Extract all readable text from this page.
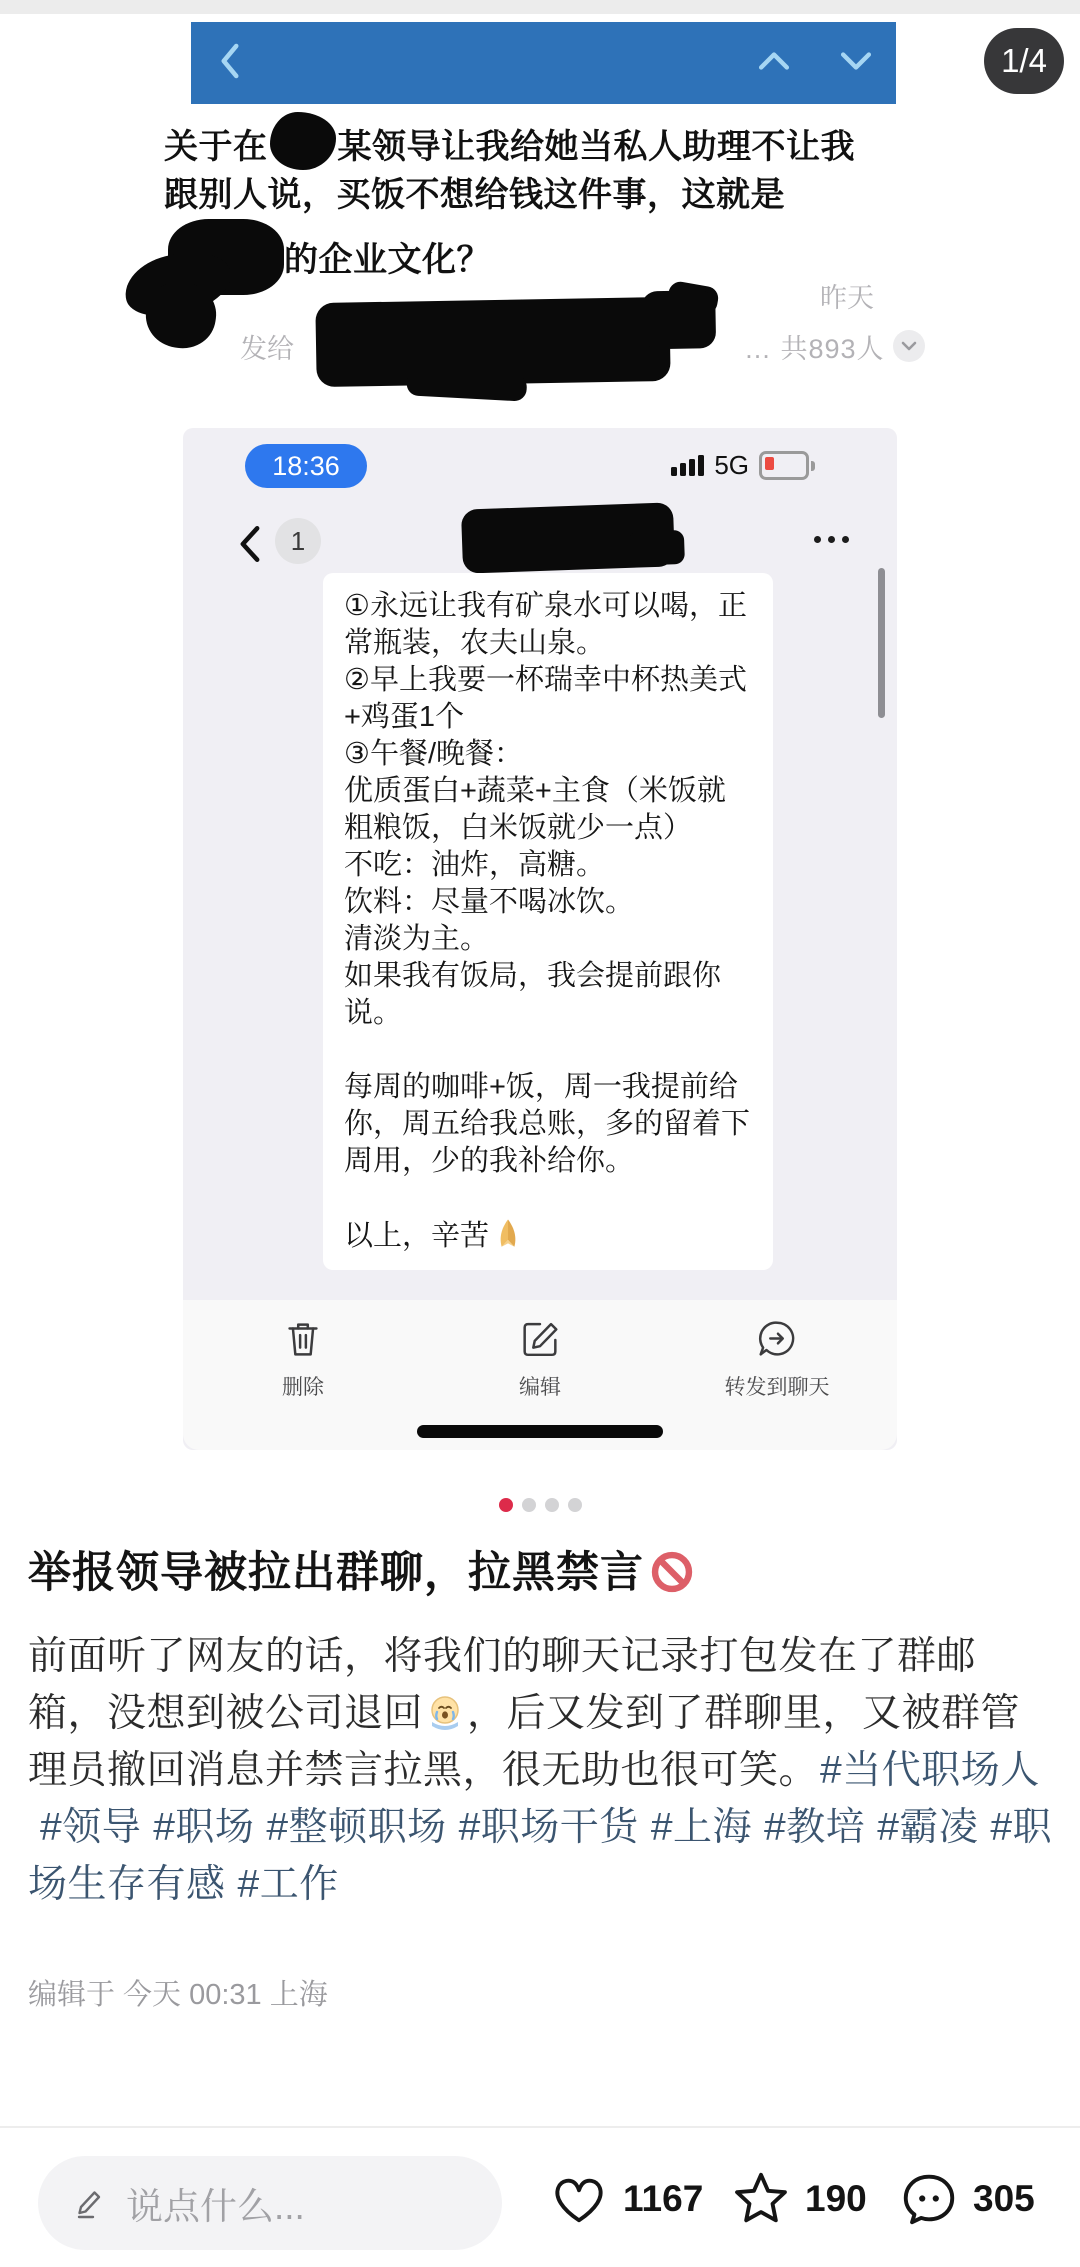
1/4
关于在 某领导让我给她当私人助理不让我跟别人说，买饭不想给钱这件事，这就是的企业文化？
昨天
发给	… 共893人
18:36	5G
1
①永远让我有矿泉水可以喝，正
常瓶装，农夫山泉。
②早上我要一杯瑞幸中杯热美式
+鸡蛋1个
③午餐/晚餐：
优质蛋白+蔬菜+主食（米饭就
粗粮饭，白米饭就少一点）
不吃：油炸，高糖。
饮料：尽量不喝冰饮。
清淡为主。
如果我有饭局，我会提前跟你
说。
每周的咖啡+饭，周一我提前给
你，周五给我总账，多的留着下
周用，少的我补给你。
以上，辛苦
删除	编辑	转发到聊天
举报领导被拉出群聊，拉黑禁言
前面听了网友的话，将我们的聊天记录打包发在了群邮箱，没想到被公司退回 ，后又发到了群聊里，又被群管理员撤回消息并禁言拉黑，很无助也很可笑。#当代职场人#领导 #职场 #整顿职场 #职场干货 #上海 #教培 #霸凌 #职场生存有感 #工作
编辑于 今天 00:31 上海
说点什么...	1167	190	305
